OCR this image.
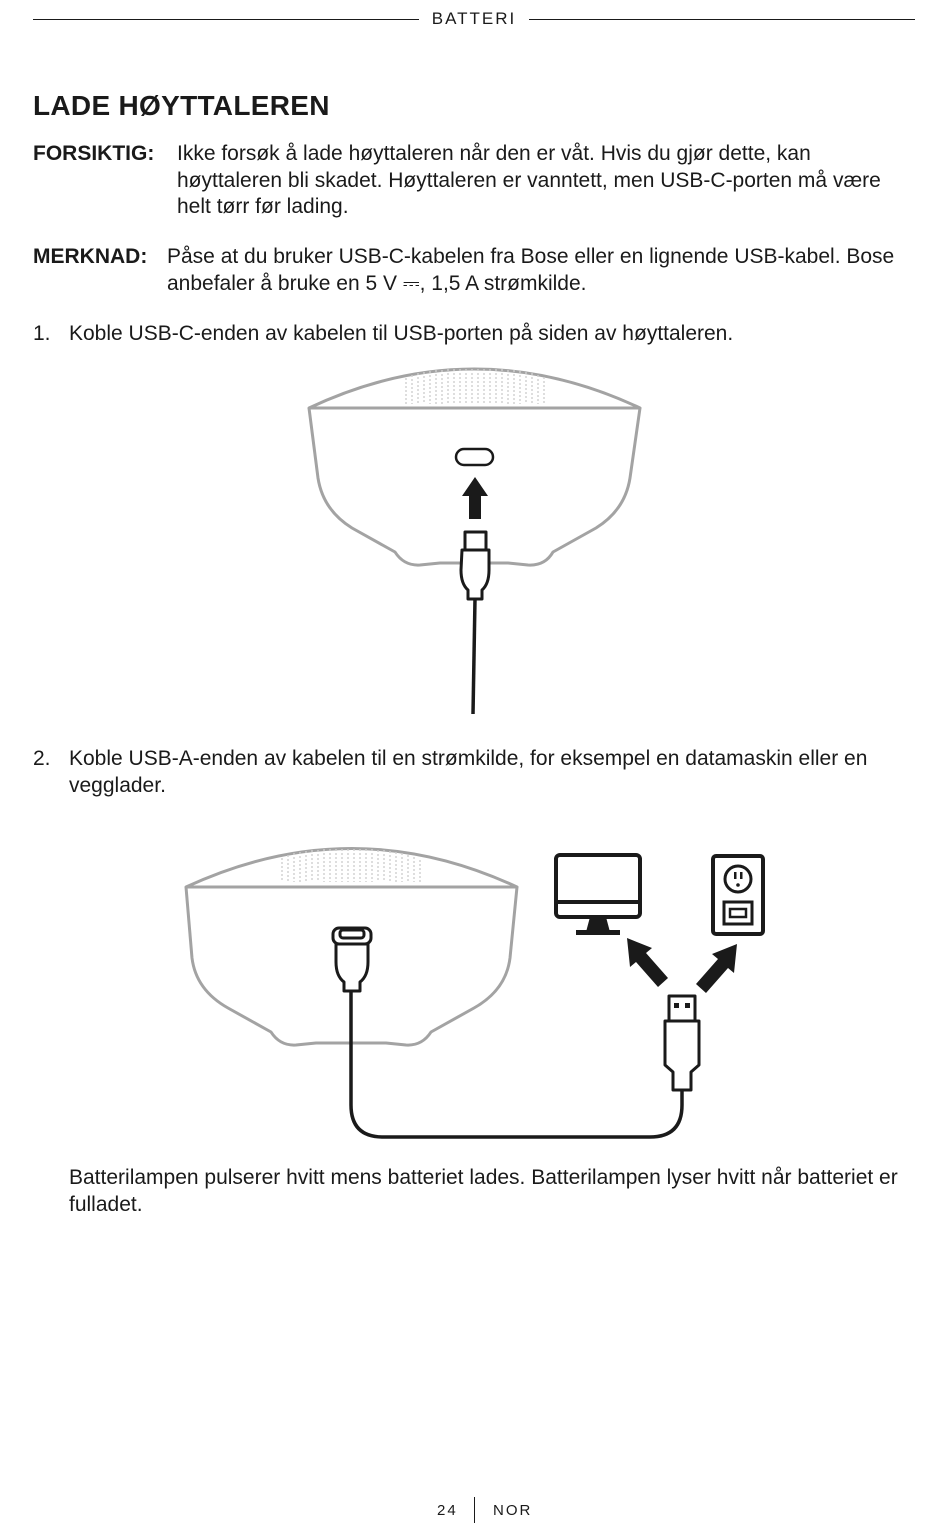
BATTERI
LADE HØYTTALEREN
FORSIKTIG: Ikke forsøk å lade høyttaleren når den er våt. Hvis du gjør dette, kan høyttaleren bli skadet. Høyttaleren er vanntett, men USB-C-porten må være helt tørr før lading.
MERKNAD: Påse at du bruker USB-C-kabelen fra Bose eller en lignende USB-kabel. Bose anbefaler å bruke en 5 V ⎓, 1,5 A strømkilde.
1. Koble USB-C-enden av kabelen til USB-porten på siden av høyttaleren.
2. Koble USB-A-enden av kabelen til en strømkilde, for eksempel en datamaskin eller en vegglader.
Batterilampen pulserer hvitt mens batteriet lades. Batterilampen lyser hvitt når batteriet er fulladet.
24 NOR
